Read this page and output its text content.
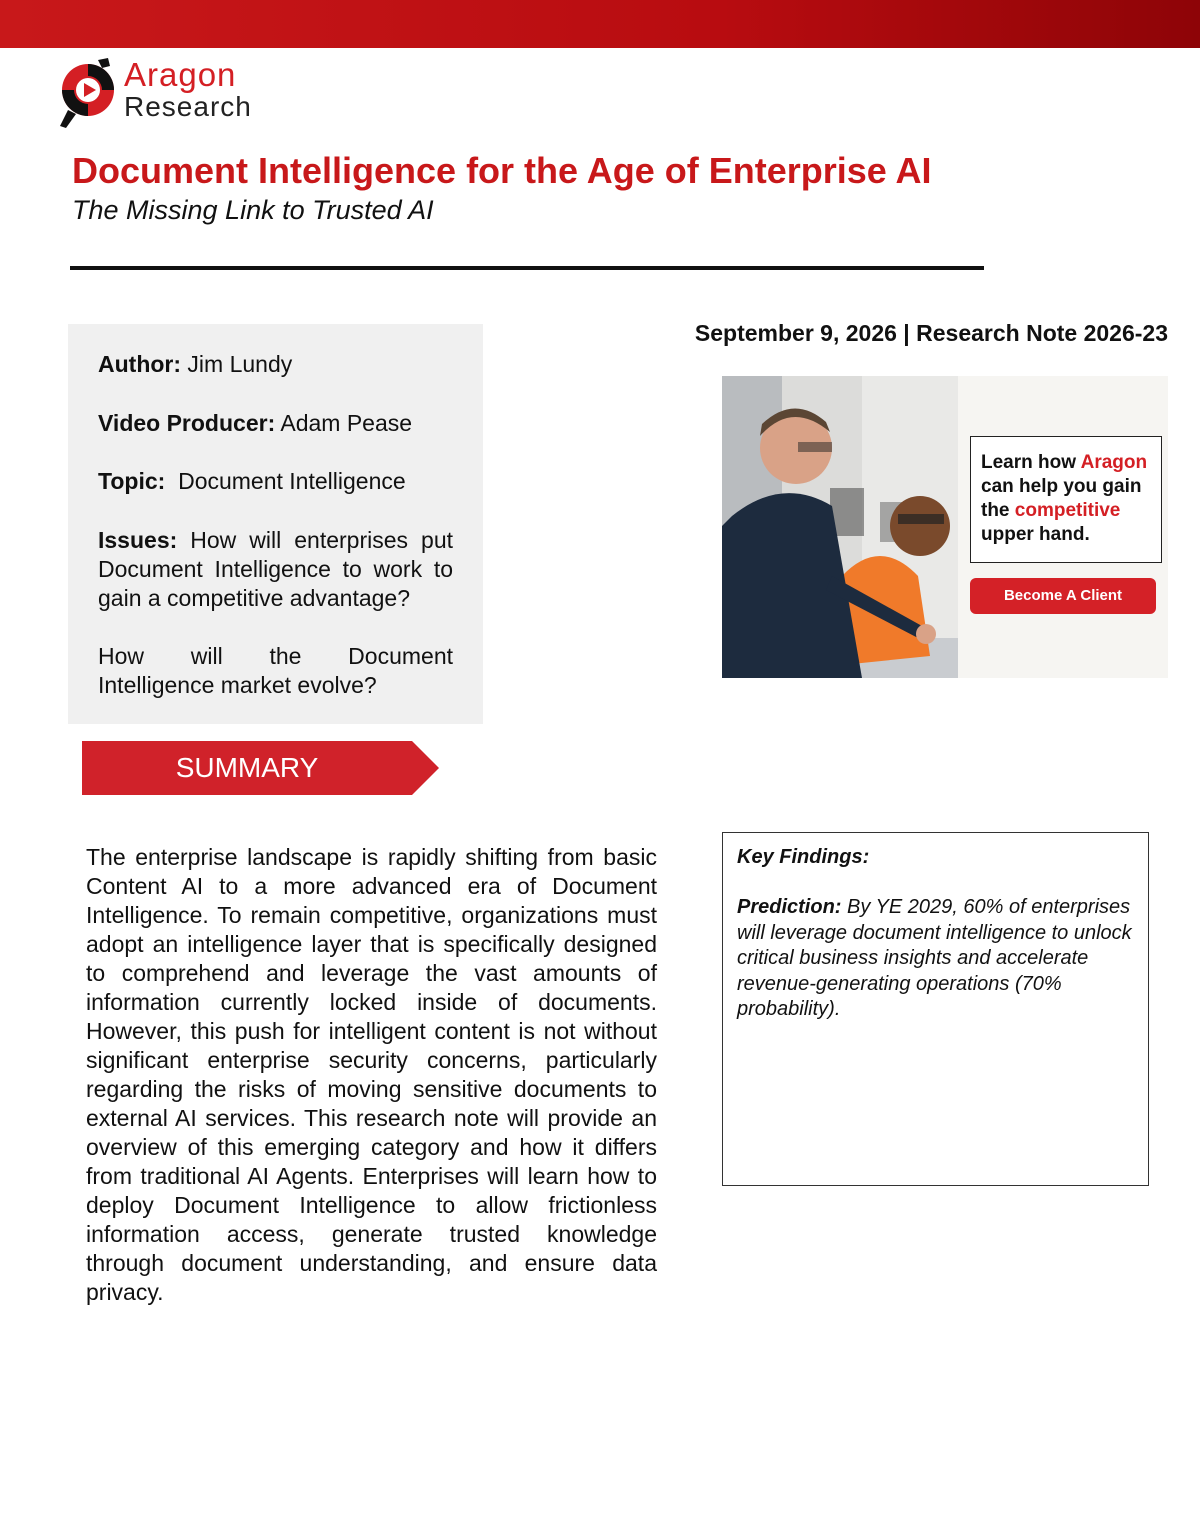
Aragon
Research
Document Intelligence for the Age of Enterprise AI
The Missing Link to Trusted AI
Author: Jim Lundy
Video Producer: Adam Pease
Topic: Document Intelligence
Issues: How will enterprises put Document Intelligence to work to gain a competitive advantage?
How will the Document Intelligence market evolve?
September 9, 2026 | Research Note 2026-23
Learn how Aragon can help you gain the competitive upper hand.
Become A Client
SUMMARY
The enterprise landscape is rapidly shifting from basic Content AI to a more advanced era of Document Intelligence. To remain competitive, organizations must adopt an intelligence layer that is specifically designed to comprehend and leverage the vast amounts of information currently locked inside of documents. However, this push for intelligent content is not without significant enterprise security concerns, particularly regarding the risks of moving sensitive documents to external AI services. This research note will provide an overview of this emerging category and how it differs from traditional AI Agents. Enterprises will learn how to deploy Document Intelligence to allow frictionless information access, generate trusted knowledge through document understanding, and ensure data privacy.
Key Findings:
Prediction: By YE 2029, 60% of enterprises will leverage document intelligence to unlock critical business insights and accelerate revenue-generating operations (70% probability).
